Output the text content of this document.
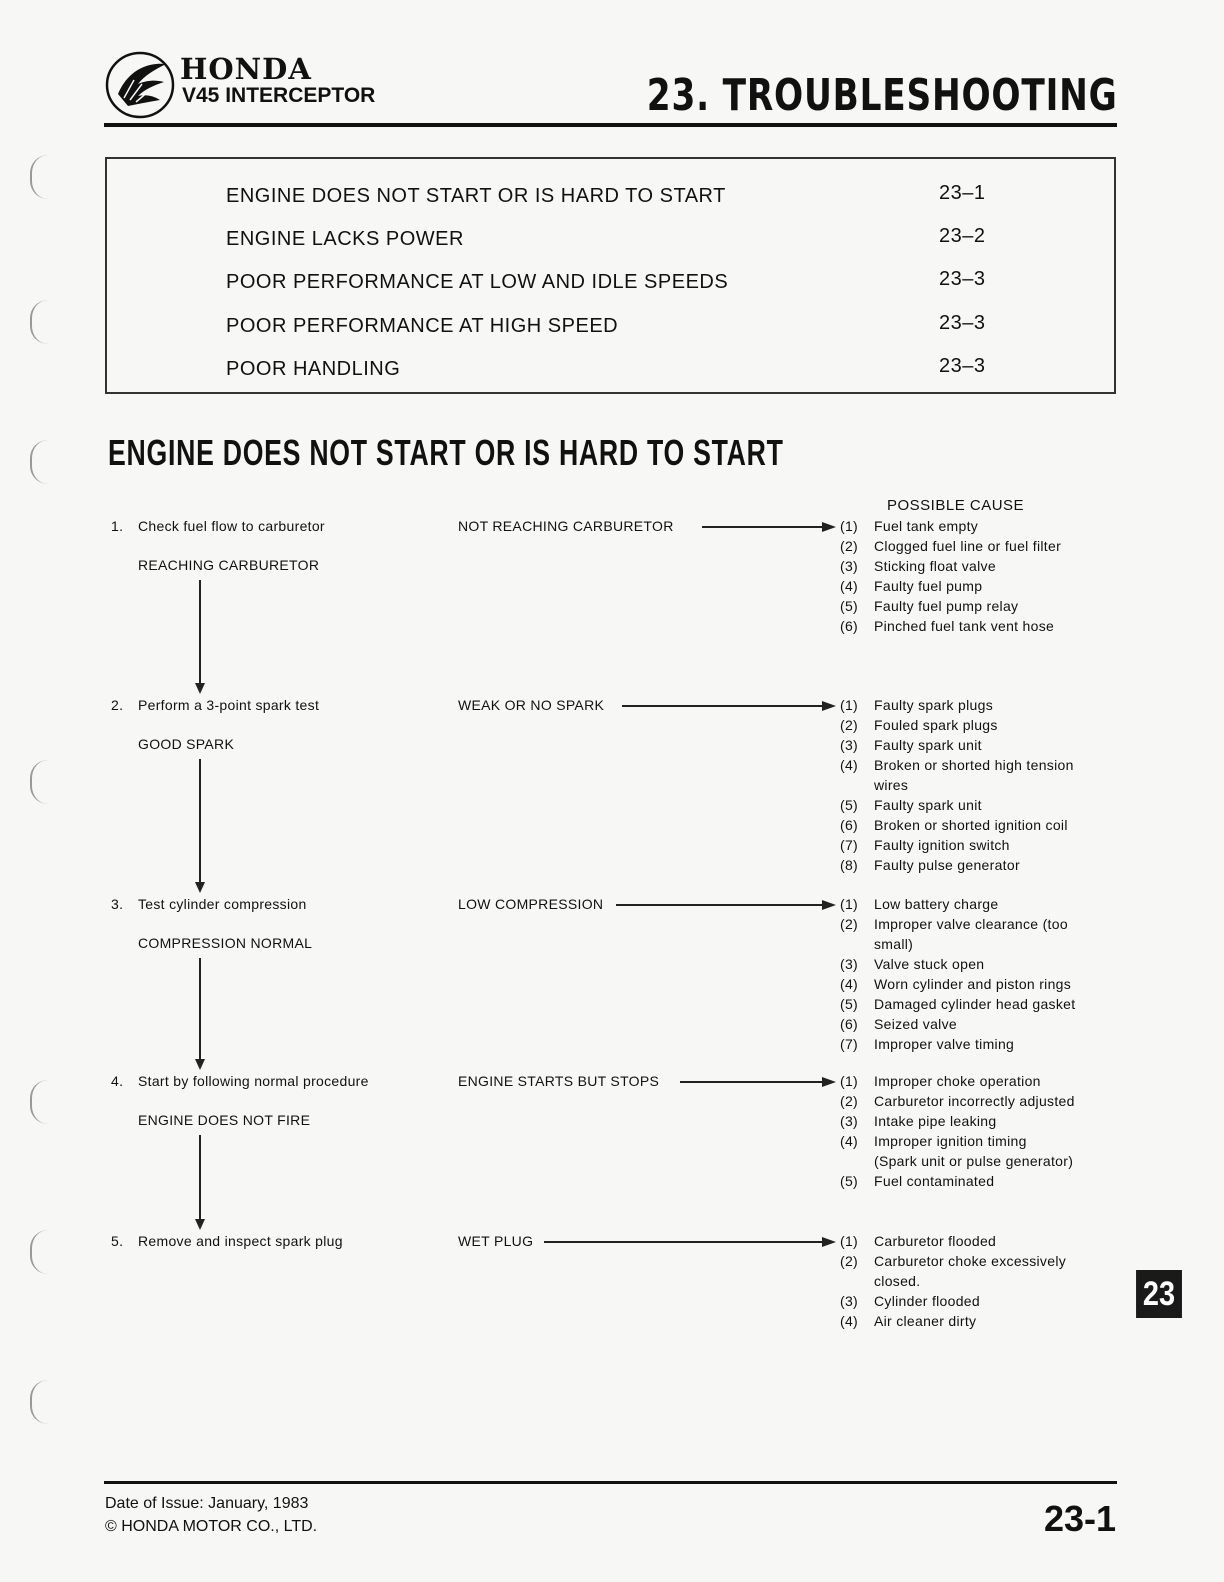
HONDA
V45 INTERCEPTOR	23. TROUBLESHOOTING
ENGINE DOES NOT START OR IS HARD TO START	23–1
ENGINE LACKS POWER	23–2
POOR PERFORMANCE AT LOW AND IDLE SPEEDS	23–3
POOR PERFORMANCE AT HIGH SPEED	23–3
POOR HANDLING	23–3
ENGINE DOES NOT START OR IS HARD TO START
POSSIBLE CAUSE
1. Check fuel flow to carburetor
REACHING CARBURETOR
NOT REACHING CARBURETOR	(1) Fuel tank empty
(2) Clogged fuel line or fuel filter
(3) Sticking float valve
(4) Faulty fuel pump
(5) Faulty fuel pump relay
(6) Pinched fuel tank vent hose
2. Perform a 3-point spark test
GOOD SPARK
WEAK OR NO SPARK	(1) Faulty spark plugs
(2) Fouled spark plugs
(3) Faulty spark unit
(4) Broken or shorted high tension
wires
(5) Faulty spark unit
(6) Broken or shorted ignition coil
(7) Faulty ignition switch
(8) Faulty pulse generator
3. Test cylinder compression
COMPRESSION NORMAL
LOW COMPRESSION	(1) Low battery charge
(2) Improper valve clearance (too
small)
(3) Valve stuck open
(4) Worn cylinder and piston rings
(5) Damaged cylinder head gasket
(6) Seized valve
(7) Improper valve timing
4. Start by following normal procedure
ENGINE DOES NOT FIRE
ENGINE STARTS BUT STOPS	(1) Improper choke operation
(2) Carburetor incorrectly adjusted
(3) Intake pipe leaking
(4) Improper ignition timing
(Spark unit or pulse generator)
(5) Fuel contaminated
5. Remove and inspect spark plug	WET PLUG	(1) Carburetor flooded
(2) Carburetor choke excessively
closed.
(3) Cylinder flooded
(4) Air cleaner dirty
23
Date of Issue: January, 1983
© HONDA MOTOR CO., LTD.	23-1
